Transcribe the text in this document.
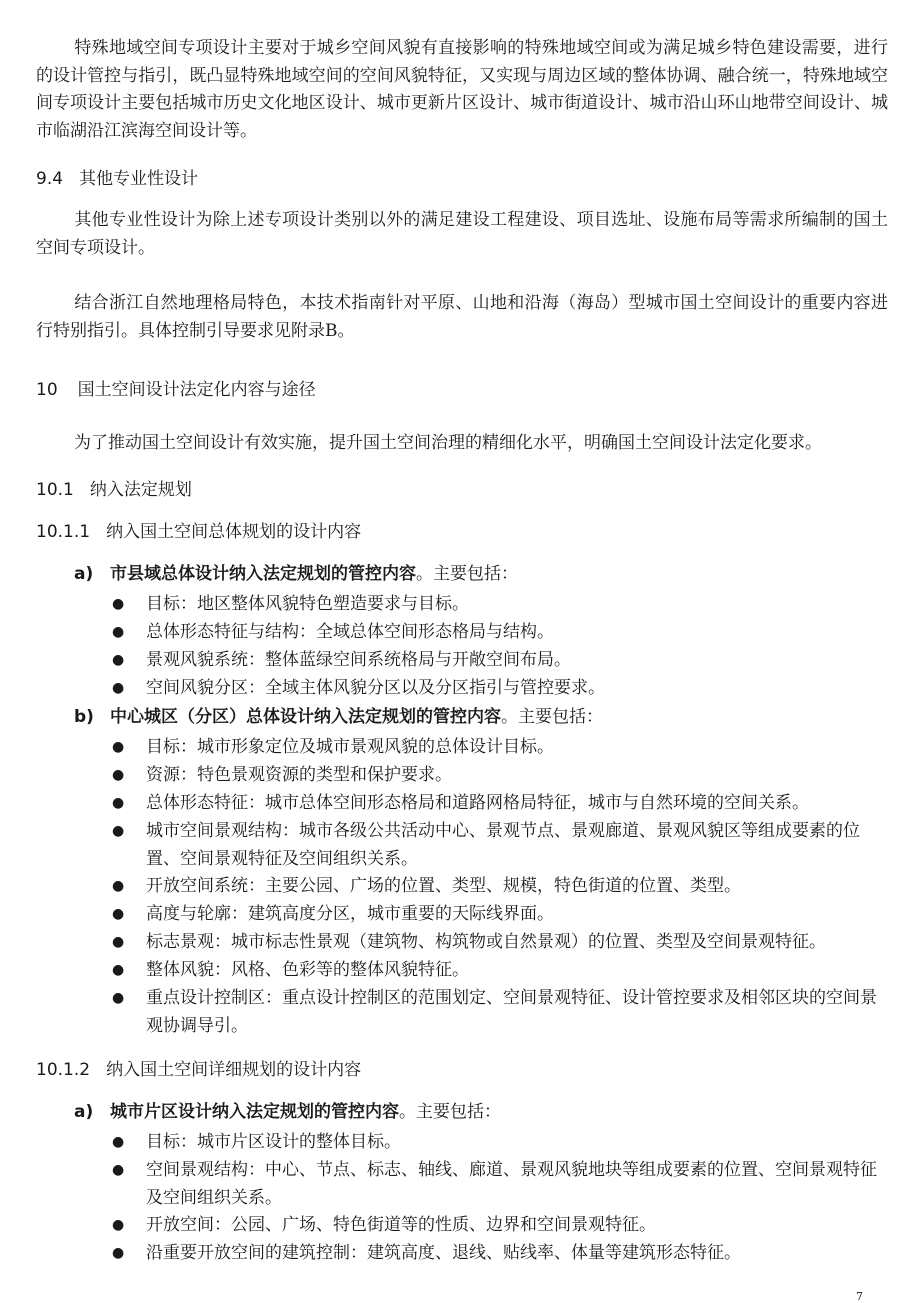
特殊地域空间专项设计主要对于城乡空间风貌有直接影响的特殊地域空间或为满足城乡特色建设需要，进行的设计管控与指引，既凸显特殊地域空间的空间风貌特征，又实现与周边区域的整体协调、融合统一，特殊地域空间专项设计主要包括城市历史文化地区设计、城市更新片区设计、城市街道设计、城市沿山环山地带空间设计、城市临湖沿江滨海空间设计等。

9.4 其他专业性设计

其他专业性设计为除上述专项设计类别以外的满足建设工程建设、项目选址、设施布局等需求所编制的国土空间专项设计。

结合浙江自然地理格局特色，本技术指南针对平原、山地和沿海（海岛）型城市国土空间设计的重要内容进行特别指引。具体控制引导要求见附录B。

10 国土空间设计法定化内容与途径

为了推动国土空间设计有效实施，提升国土空间治理的精细化水平，明确国土空间设计法定化要求。

10.1 纳入法定规划
10.1.1 纳入国土空间总体规划的设计内容
a) 市县域总体设计纳入法定规划的管控内容。主要包括：
●	目标：地区整体风貌特色塑造要求与目标。
●	总体形态特征与结构：全域总体空间形态格局与结构。
●	景观风貌系统：整体蓝绿空间系统格局与开敞空间布局。
●	空间风貌分区：全域主体风貌分区以及分区指引与管控要求。
b) 中心城区（分区）总体设计纳入法定规划的管控内容。主要包括：
●	目标：城市形象定位及城市景观风貌的总体设计目标。
●	资源：特色景观资源的类型和保护要求。
●	总体形态特征：城市总体空间形态格局和道路网格局特征，城市与自然环境的空间关系。
●	城市空间景观结构：城市各级公共活动中心、景观节点、景观廊道、景观风貌区等组成要素的位置、空间景观特征及空间组织关系。
●	开放空间系统：主要公园、广场的位置、类型、规模，特色街道的位置、类型。
●	高度与轮廓：建筑高度分区，城市重要的天际线界面。
●	标志景观：城市标志性景观（建筑物、构筑物或自然景观）的位置、类型及空间景观特征。
●	整体风貌：风格、色彩等的整体风貌特征。
●	重点设计控制区：重点设计控制区的范围划定、空间景观特征、设计管控要求及相邻区块的空间景观协调导引。
10.1.2 纳入国土空间详细规划的设计内容
a) 城市片区设计纳入法定规划的管控内容。主要包括：
●	目标：城市片区设计的整体目标。
●	空间景观结构：中心、节点、标志、轴线、廊道、景观风貌地块等组成要素的位置、空间景观特征及空间组织关系。
●	开放空间：公园、广场、特色街道等的性质、边界和空间景观特征。
●	沿重要开放空间的建筑控制：建筑高度、退线、贴线率、体量等建筑形态特征。
7
